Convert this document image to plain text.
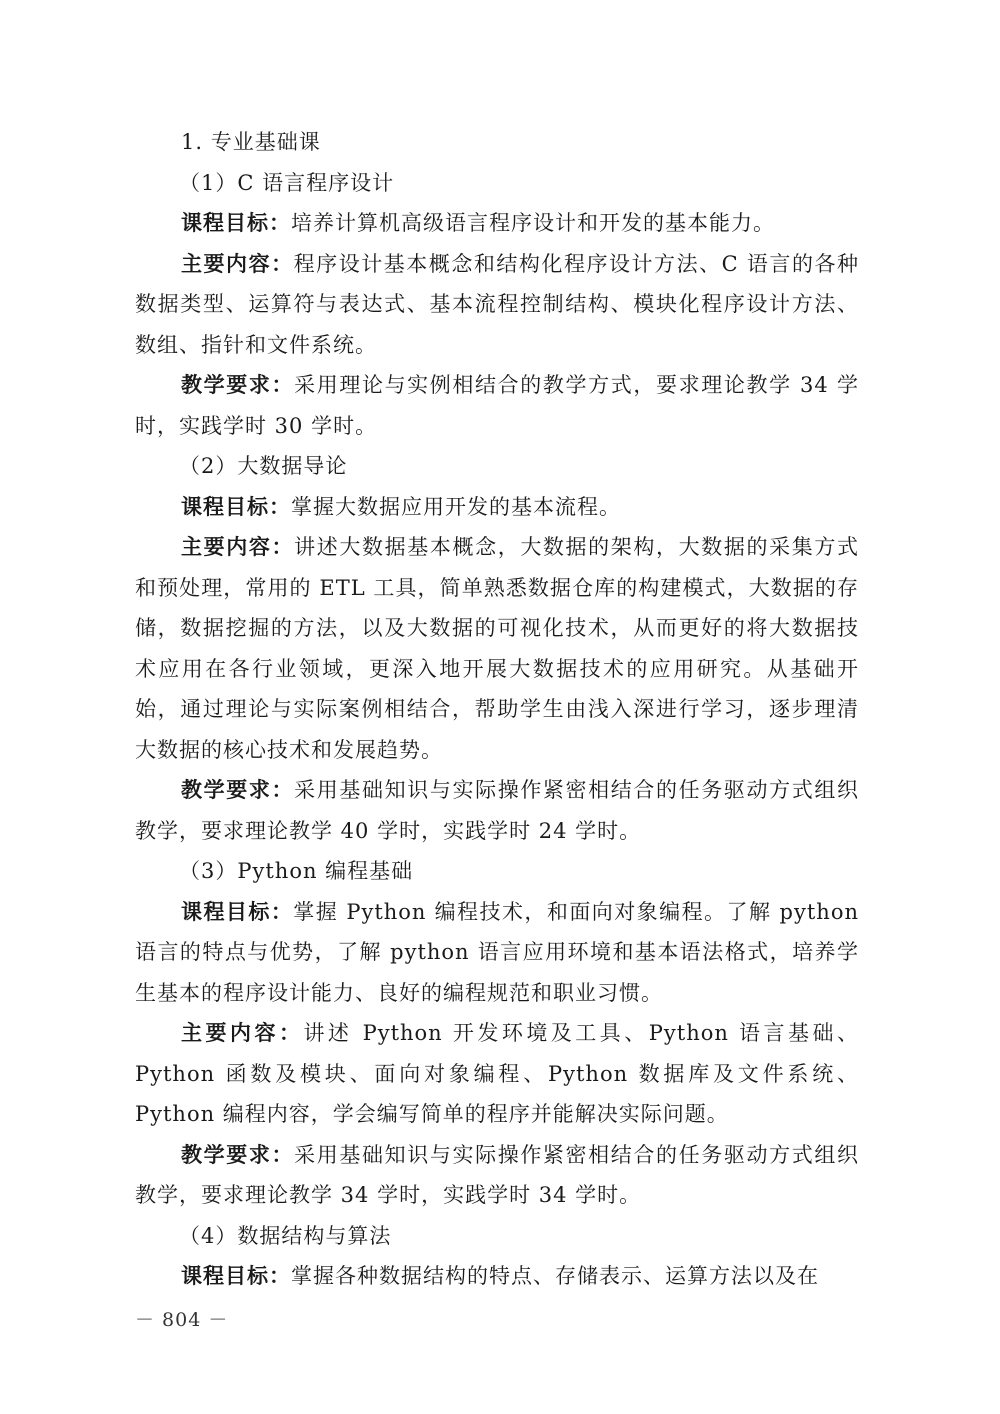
1. 专业基础课

（1）C 语言程序设计

课程目标：培养计算机高级语言程序设计和开发的基本能力。

主要内容：程序设计基本概念和结构化程序设计方法、C 语言的各种数据类型、运算符与表达式、基本流程控制结构、模块化程序设计方法、数组、指针和文件系统。

教学要求：采用理论与实例相结合的教学方式，要求理论教学 34 学时，实践学时 30 学时。

（2）大数据导论

课程目标：掌握大数据应用开发的基本流程。

主要内容：讲述大数据基本概念，大数据的架构，大数据的采集方式和预处理，常用的 ETL 工具，简单熟悉数据仓库的构建模式，大数据的存储，数据挖掘的方法，以及大数据的可视化技术，从而更好的将大数据技术应用在各行业领域，更深入地开展大数据技术的应用研究。从基础开始，通过理论与实际案例相结合，帮助学生由浅入深进行学习，逐步理清大数据的核心技术和发展趋势。

教学要求：采用基础知识与实际操作紧密相结合的任务驱动方式组织教学，要求理论教学 40 学时，实践学时 24 学时。

（3）Python 编程基础

课程目标：掌握 Python 编程技术，和面向对象编程。了解 python 语言的特点与优势，了解 python 语言应用环境和基本语法格式，培养学生基本的程序设计能力、良好的编程规范和职业习惯。

主要内容：讲述 Python 开发环境及工具、Python 语言基础、Python 函数及模块、面向对象编程、Python 数据库及文件系统、 Python 编程内容，学会编写简单的程序并能解决实际问题。

教学要求：采用基础知识与实际操作紧密相结合的任务驱动方式组织教学，要求理论教学 34 学时，实践学时 34 学时。

（4）数据结构与算法

课程目标：掌握各种数据结构的特点、存储表示、运算方法以及在

－ 804 －
